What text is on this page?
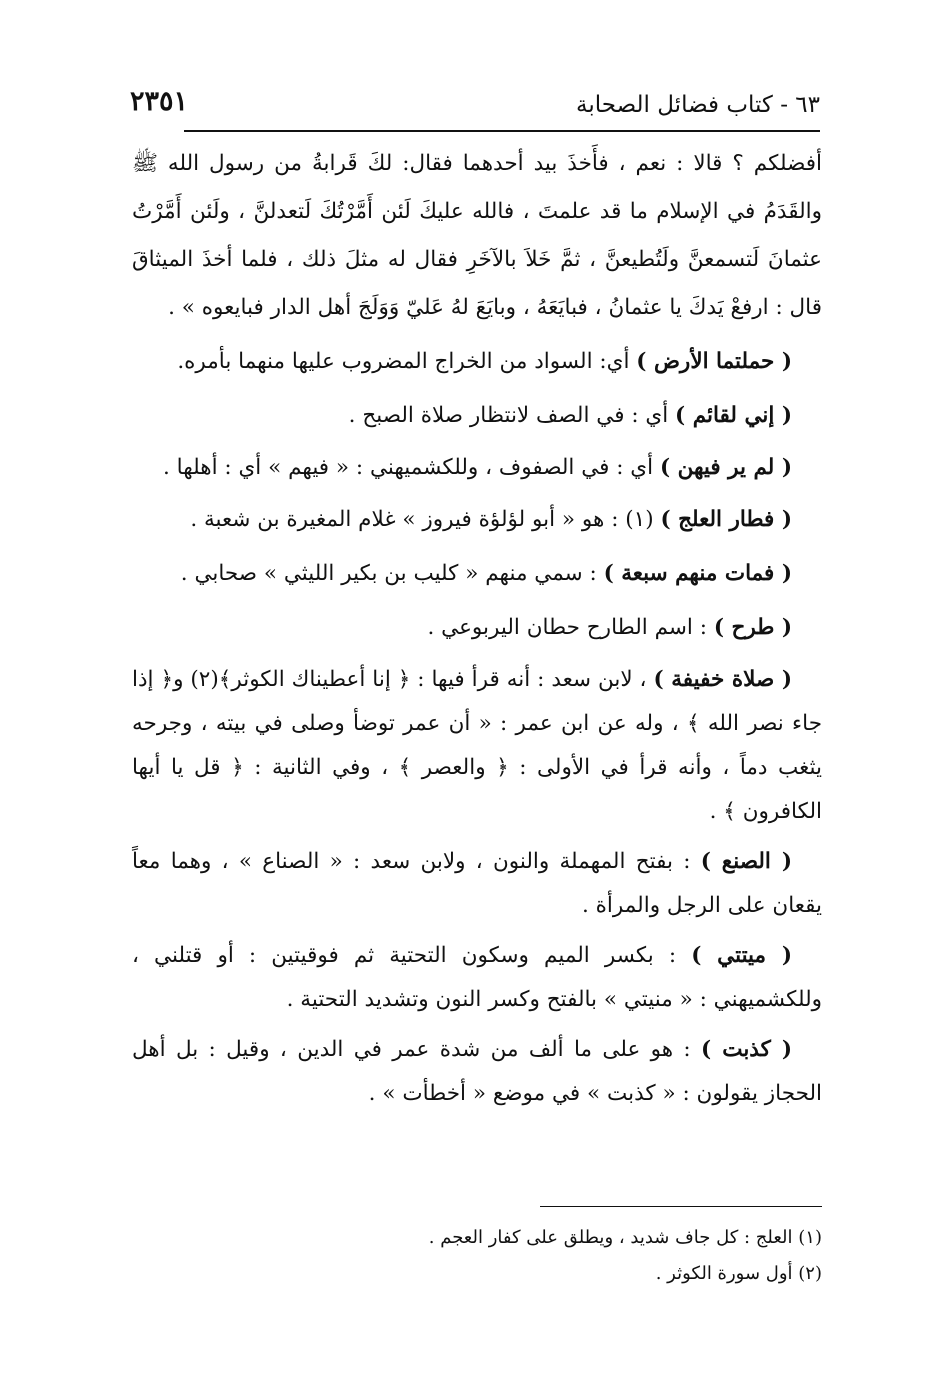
٦٣ - كتاب فضائل الصحابة
٢٣٥١

أفضلكم ؟ قالا : نعم ، فأَخذَ بيد أحدهما فقال: لكَ قَرابةُ من رسول الله ﷺ والقَدَمُ في الإسلام ما قد علمتَ ، فالله عليكَ لَئن أَمَّرْتُكَ لَتعدلنَّ ، ولَئن أَمَّرْتُ عثمانَ لَتسمعنَّ ولَتُطيعنَّ ، ثمَّ خَلاَ بالآخَرِ فقال له مثلَ ذلك ، فلما أخذَ الميثاقَ قال : ارفعْ يَدكَ يا عثمانُ ، فبايَعَهُ ، وبايَعَ لهُ عَليّ وَوَلَجَ أهل الدار فبايعوه » .

( حملتما الأرض ) أي: السواد من الخراج المضروب عليها منهما بأمره.

( إني لقائم ) أي : في الصف لانتظار صلاة الصبح .

( لم ير فيهن ) أي : في الصفوف ، وللكشميهني : « فيهم » أي : أهلها .

( فطار العلج ) (١) : هو « أبو لؤلؤة فيروز » غلام المغيرة بن شعبة .

( فمات منهم سبعة ) : سمي منهم « كليب بن بكير الليثي » صحابي .

( طرح ) : اسم الطارح حطان اليربوعي .

( صلاة خفيفة ) ، لابن سعد : أنه قرأ فيها : ﴿ إنا أعطيناك الكوثر﴾(٢) و﴿ إذا جاء نصر الله ﴾ ، وله عن ابن عمر : « أن عمر توضأ وصلى في بيته ، وجرحه يثغب دماً ، وأنه قرأ في الأولى : ﴿ والعصر ﴾ ، وفي الثانية : ﴿ قل يا أيها الكافرون ﴾ .

( الصنع ) : بفتح المهملة والنون ، ولابن سعد : « الصناع » ، وهما معاً يقعان على الرجل والمرأة .

( ميتتي ) : بكسر الميم وسكون التحتية ثم فوقيتين : أو قتلني ، وللكشميهني : « منيتي » بالفتح وكسر النون وتشديد التحتية .

( كذبت ) : هو على ما ألف من شدة عمر في الدين ، وقيل : بل أهل الحجاز يقولون : « كذبت » في موضع « أخطأت » .

(١) العلج : كل جاف شديد ، ويطلق على كفار العجم .

(٢) أول سورة الكوثر .
